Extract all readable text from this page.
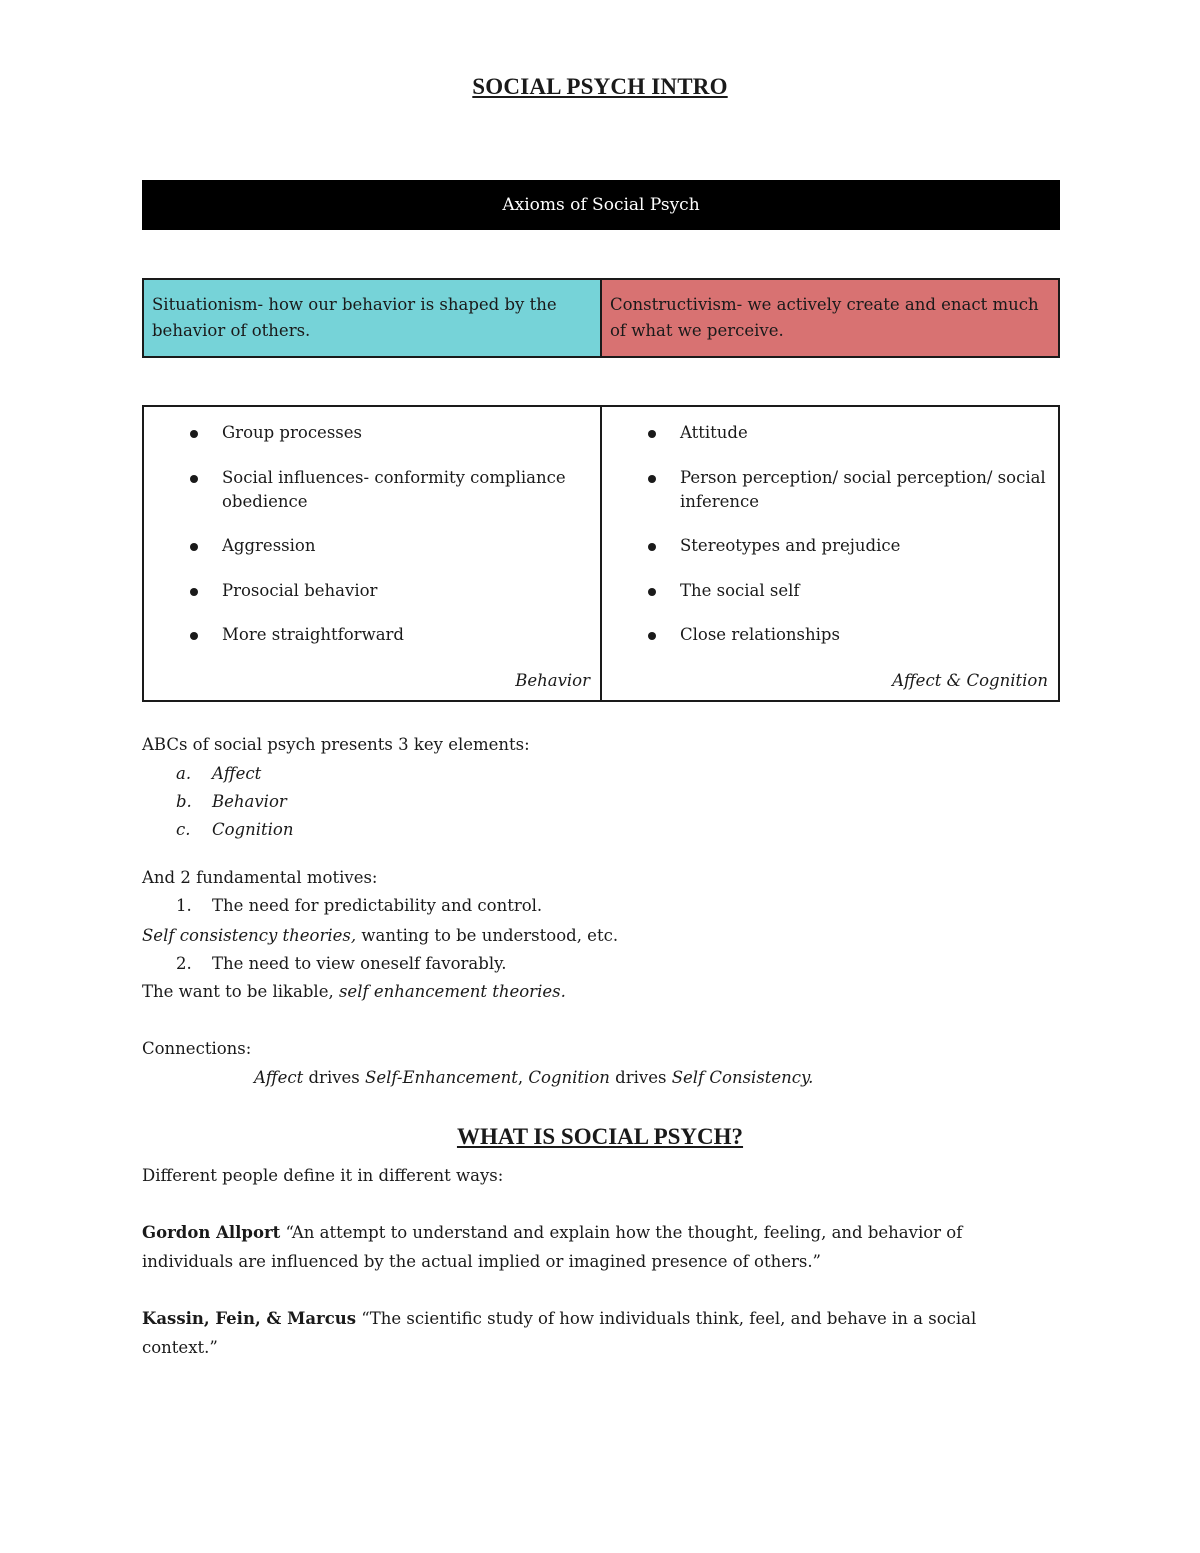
SOCIAL PSYCH INTRO
Axioms of Social Psych
Situationism- how our behavior is shaped by the behavior of others.
Constructivism- we actively create and enact much of what we perceive.
Group processes
Social influences- conformity compliance obedience
Aggression
Prosocial behavior
More straightforward
Behavior
Attitude
Person perception/ social perception/ social inference
Stereotypes and prejudice
The social self
Close relationships
Affect & Cognition
ABCs of social psych presents 3 key elements:
a. Affect
b. Behavior
c. Cognition
And 2 fundamental motives:
1. The need for predictability and control.
Self consistency theories, wanting to be understood, etc.
2. The need to view oneself favorably.
The want to be likable, self enhancement theories.
Connections:
Affect drives Self-Enhancement, Cognition drives Self Consistency.
WHAT IS SOCIAL PSYCH?
Different people define it in different ways:
Gordon Allport “An attempt to understand and explain how the thought, feeling, and behavior of individuals are influenced by the actual implied or imagined presence of others.”
Kassin, Fein, & Marcus “The scientific study of how individuals think, feel, and behave in a social context.”
